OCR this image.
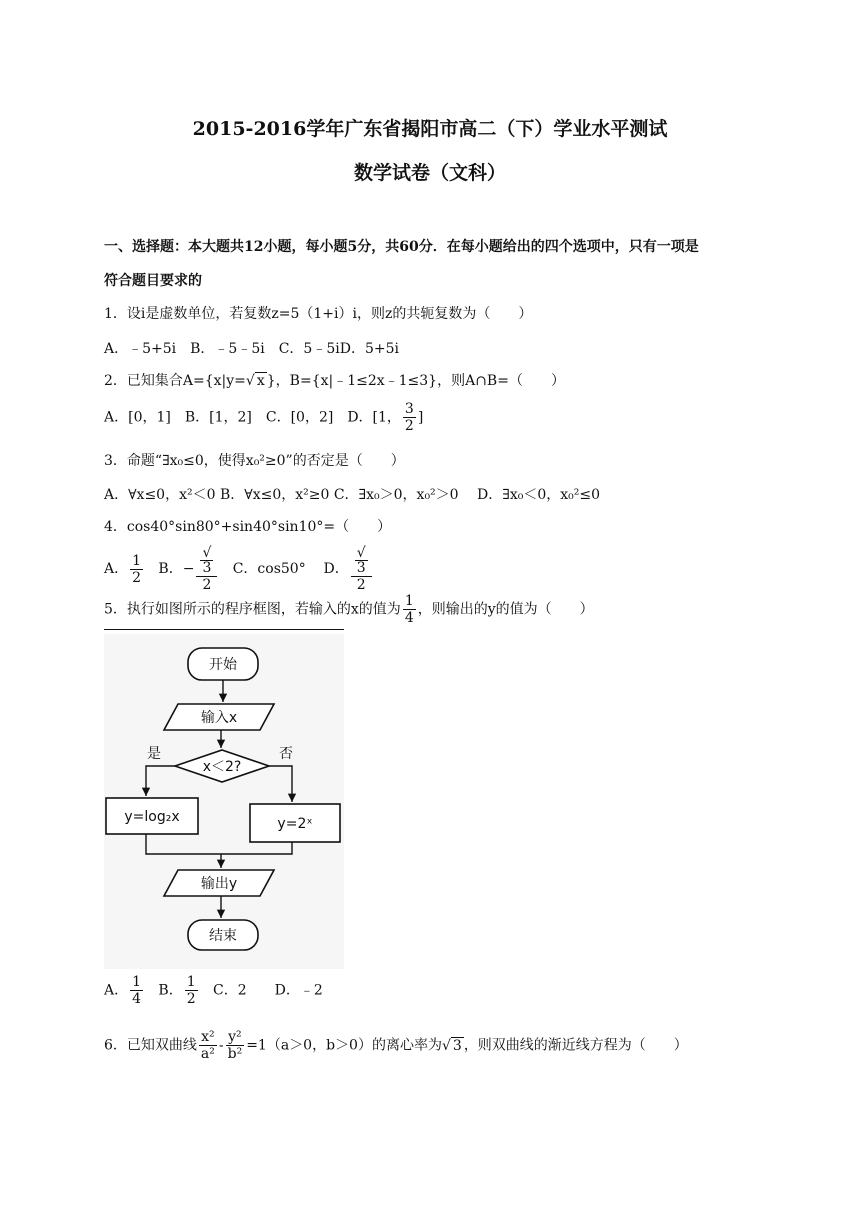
2015-2016学年广东省揭阳市高二（下）学业水平测试
数学试卷（文科）
一、选择题：本大题共12小题，每小题5分，共60分．在每小题给出的四个选项中，只有一项是
符合题目要求的
1．设i是虚数单位，若复数z=5（1+i）i，则z的共轭复数为（　　）
A．﹣5+5i　B．﹣5﹣5i　C．5﹣5iD．5+5i
2．已知集合A={x|y=√ x }，B={x|﹣1≤2x﹣1≤3}，则A∩B=（　　）
A．[0，1]　B．[1，2]　C．[0，2]　D．[1， $\frac{3}{2}$ ]
3．命题“∃x₀≤0，使得x₀²≥0”的否定是（　　）
A．∀x≤0，x²＜0 B．∀x≤0，x²≥0 C．∃x₀＞0，x₀²＞0　 D．∃x₀＜0，x₀²≤0
4．cos40°sin80°+sin40°sin10°=（　　）
A． $\frac{1}{2}$ B．− √
3
2 C．cos50° D． √
3
2
5．执行如图所示的程序框图，若输入的x的值为 $\frac{1}{4}$ ，则输出的y的值为（　　）
开始
输入x
x＜2?
是	否
y=log₂x	y=2ˣ
输出y
结束
A． $\frac{1}{4}$ B． $\frac{1}{2}$ C．2　　D．﹣2
6．已知双曲线 $\frac{\text{x²}}{\text{a²}} - \frac{\text{y²}}{\text{b²}} =1(a>0$，b＞0）的离心率为√ 3 ，则双曲线的渐近线方程为（　　）
